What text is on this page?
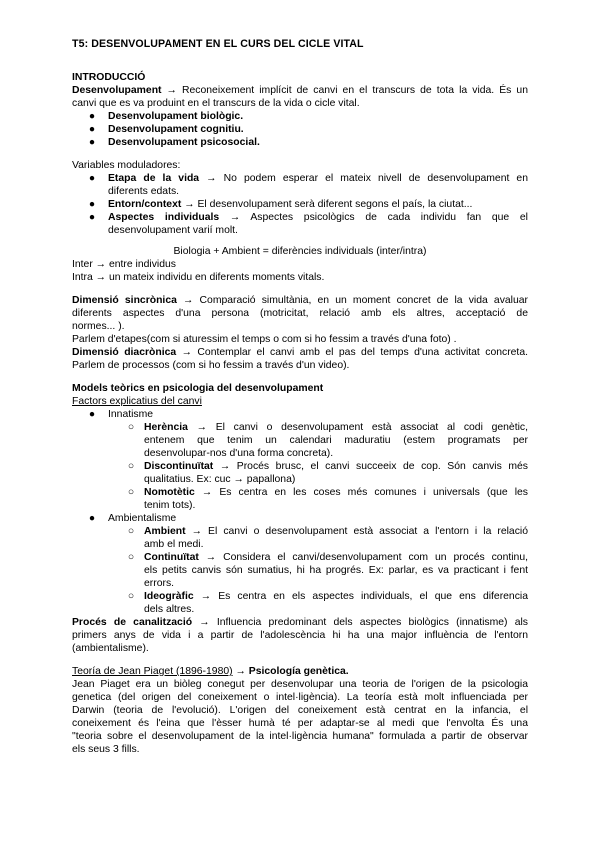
T5: DESENVOLUPAMENT EN EL CURS DEL CICLE VITAL

INTRODUCCIÓ

Desenvolupament → Reconeixement implícit de canvi en el transcurs de tota la vida. És un

canvi que es va produint en el transcurs de la vida o cicle vital.

● Desenvolupament biològic.

● Desenvolupament cognitiu.

● Desenvolupament psicosocial.

Variables moduladores:

● Etapa de la vida → No podem esperar el mateix nivell de desenvolupament en

diferents edats.

● Entorn/context → El desenvolupament serà diferent segons el país, la ciutat...

● Aspectes individuals → Aspectes psicològics de cada individu fan que el

desenvolupament varií molt.

Biologia + Ambient = diferències individuals (inter/intra)

Inter → entre individus

Intra → un mateix individu en diferents moments vitals.

Dimensió sincrònica → Comparació simultània, en un moment concret de la vida avaluar

diferents aspectes d'una persona (motricitat, relació amb els altres, acceptació de

normes... ).

Parlem d'etapes(com si aturessim el temps o com si ho fessim a través d'una foto) .

Dimensió diacrònica → Contemplar el canvi amb el pas del temps d'una activitat concreta.

Parlem de processos (com si ho fessim a través d'un video).

Models teòrics en psicologia del desenvolupament

Factors explicatius del canvi

● Innatisme

○ Herència → El canvi o desenvolupament està associat al codi genètic,

entenem que tenim un calendari maduratiu (estem programats per

desenvolupar-nos d'una forma concreta).

○ Discontinuïtat → Procés brusc, el canvi succeeix de cop. Són canvis més

qualitatius. Ex: cuc → papallona)

○ Nomotètic → Es centra en les coses més comunes i universals (que les

tenim tots).

● Ambientalisme

○ Ambient → El canvi o desenvolupament està associat a l'entorn i la relació

amb el medi.

○ Continuïtat → Considera el canvi/desenvolupament com un procés continu,

els petits canvis són sumatius, hi ha progrés. Ex: parlar, es va practicant i fent

errors.

○ Ideogràfic → Es centra en els aspectes individuals, el que ens diferencia

dels altres.

Procés de canalització → Influencia predominant dels aspectes biològics (innatisme) als

primers anys de vida i a partir de l'adolescència hi ha una major influència de l'entorn

(ambientalisme).

Teoría de Jean Piaget (1896-1980) → Psicología genètica.

Jean Piaget era un biòleg conegut per desenvolupar una teoria de l'origen de la psicologia

genetica (del origen del coneixement o intel·ligència). La teoría està molt influenciada per

Darwin (teoria de l'evolució). L'origen del coneixement està centrat en la infancia, el

coneixement és l'eina que l'èsser humà té per adaptar-se al medi que l'envolta És una

"teoria sobre el desenvolupament de la intel·ligència humana" formulada a partir de observar

els seus 3 fills.
